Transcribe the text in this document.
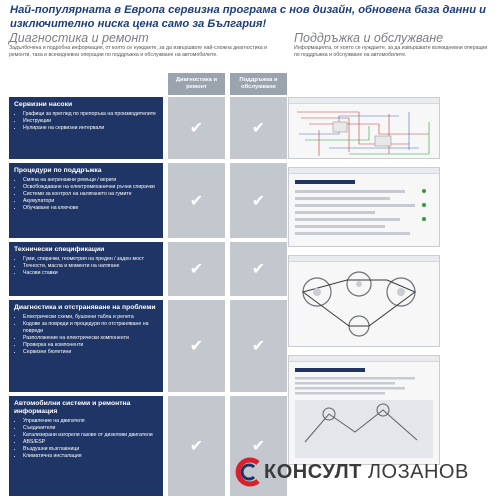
Най-популярната в Европа сервизна програма с нов дизайн, обновена база данни и изключително ниска цена само за България!
Диагностика и ремонт
Задълбочена и подробна информация, от която се нуждаете, за да извършвате най-сложна диагностика и ремонти, така и всекидневни операции по поддръжка и обслужване на автомобилите.
Поддръжка и обслужване
Информацията, от която се нуждаете, за да извършвате всекидневни операции по поддръжка и обслужване на автомобилите.
Диагностика и ремонт
Поддръжка и обслужване
Сервизни насоки
• Графици за преглед по препоръка на производителите
• Инструкции
• Нулиране на сервизни интервали	✔	✔
Процедури по поддръжка
• Смяна на ангренажни ремъци / вериги
• Освобождаване на електромеханични ръчни спирачки
• Системи за контрол на налягането на гумите
• Акумулатори
• Обучаване на ключове	✔	✔
Технически спецификации
• Гуми, спирачки, геометрия на преден / заден мост
• Течности, масла и моменти на натягане
• Часови ставки	✔	✔
Диагностика и отстраняване на проблеми
• Електрически схеми, бушонни табла и релета
• Кодове за повреди и процедури по отстраняване на повреди
• Разположение на електрически компоненти
• Проверка на компоненти
• Сервизни бюлетини	✔	✔
Автомобилни системи и ремонтна информация
• Управление на двигателя
• Съединители
• Катализирани изгорели газове от дизелови двигатели
• ABS/ESP
• Въздушни възглавници
• Климатична инсталация
✔	✔
КОНСУЛТ ЛОЗАНОВ
